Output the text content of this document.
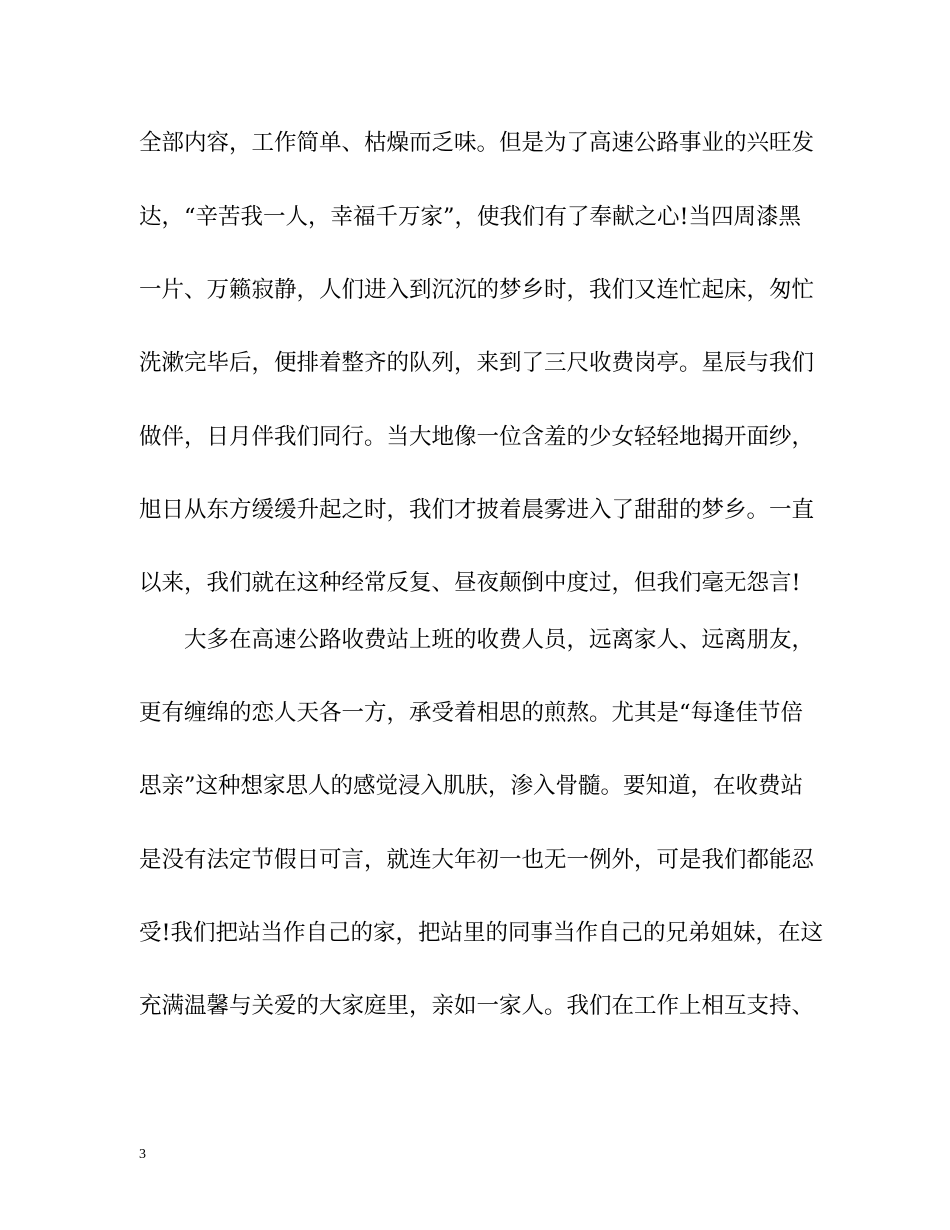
全部内容，工作简单、枯燥而乏味。但是为了高速公路事业的兴旺发
达，“辛苦我一人，幸福千万家”，使我们有了奉献之心!当四周漆黑
一片、万籁寂静，人们进入到沉沉的梦乡时，我们又连忙起床，匆忙
洗漱完毕后，便排着整齐的队列，来到了三尺收费岗亭。星辰与我们
做伴，日月伴我们同行。当大地像一位含羞的少女轻轻地揭开面纱，
旭日从东方缓缓升起之时，我们才披着晨雾进入了甜甜的梦乡。一直
以来，我们就在这种经常反复、昼夜颠倒中度过，但我们毫无怨言!
大多在高速公路收费站上班的收费人员，远离家人、远离朋友，
更有缠绵的恋人天各一方，承受着相思的煎熬。尤其是“每逢佳节倍
思亲”这种想家思人的感觉浸入肌肤，渗入骨髓。要知道，在收费站
是没有法定节假日可言，就连大年初一也无一例外，可是我们都能忍
受!我们把站当作自己的家，把站里的同事当作自己的兄弟姐妹，在这
充满温馨与关爱的大家庭里，亲如一家人。我们在工作上相互支持、
3
